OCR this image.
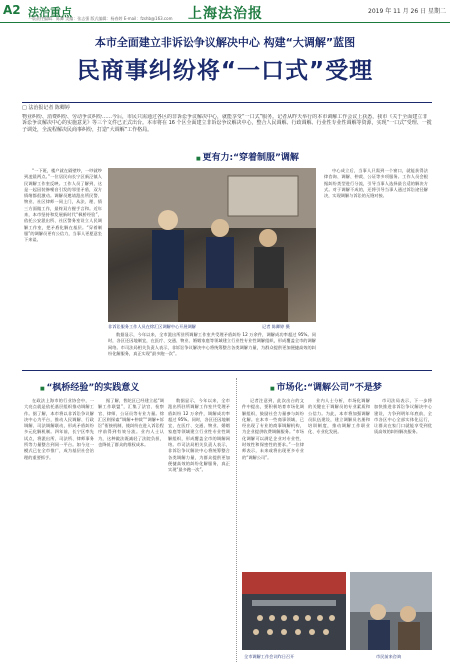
A2 法治重点
一版责任编辑：陈卿 美编：张志强 版式编辑：杨春婷 E-mail：fzshb@163.com 上海法治报	2019 年 11 月 26 日 星期二
本市全面建立非诉讼争议解决中心 构建“大调解”蓝图
民商事纠纷将“一口式”受理
□ 法治报记者 陈卿婷
物业纠纷、消费纠纷、劳动争议纠纷……今后，市民只需通过各区的非诉讼争议解决中心，就能享受“一口式”服务。记者从昨天举行的本市调解工作会议上获悉，我市《关于全面建立非诉讼争议解决中心的实施意见》等三个文件已正式出台。本市将在 16 个区全面建立非诉讼争议解决中心，整合人民调解、行政调解、行业性专业性调解等资源，实现“一口式”受理、一揽子调处，全流程解决民商事纠纷，打造“大调解”工作格局。
■ 更有力:“穿着制服”调解

“一下班，楼户就在隔壁吵，一吵就吵到凌晨两点。”一位居民向长宁区新泾镇人民调解工作室反映。工作人员了解到，这是一起因装修噪音引发的邻里矛盾，双方情绪都很激动。调解员邀请派出所民警、物业、社区律师一同上门，从法、理、情三方面做工作，最终双方握手言和。近年来，本市坚持和发展新时代“枫桥经验”，依托公安派出所、社区警务室设立人民调解工作室，把矛盾化解在基层。“穿着制服”的调解员更有公信力，当事人更愿意坐下来谈。

非诉讼服务工作人员在徐汇区调解中心开展调解	记者 陈卿婷 摄

数据显示，今年以来，全市派出所驻所调解工作室共受理矛盾纠纷 12 万余件，调解成功率超过 95%。同时，各区还因地制宜，在医疗、交通、物业、婚姻家庭等领域建立行业性专业性调解组织，形成覆盖全市的调解网络。市司法局相关负责人表示，非诉讼争议解决中心将统筹整合各类调解力量，为群众提供更加便捷高效的纠纷化解服务，真正实现“最多跑一次”。

中心成立后，当事人只需到一个窗口，就能获得法律咨询、调解、仲裁、公证等多项服务。工作人员会根据纠纷类型进行分流，引导当事人选择最合适的解决方式。对于调解不成的，还将引导当事人通过诉讼途径解决，实现调解与诉讼的无缝对接。

■ “枫桥经验”的实践意义

在政法上海市的行业协会中，一大亮点就是依托基层组织推动调解工作。据了解，本市将以非诉讼争议解决中心为平台，推动人民调解、行政调解、司法调解联动，形成矛盾纠纷多元化解机制。四年前，长宁区率先试点，将派出所、司法所、律师事务所等力量整合到同一平台。如今这一模式已在全市推广，成为基层社会治理的重要抓手。

据了解，普陀区已经建立起“调解工作联盟”，汇集了法官、检察官、律师、公证员等专业力量。徐汇区则探索“调解+仲裁”“调解+诉讼”衔接机制，使纠纷在进入诉讼程序前得到有效分流。业内人士认为，这种做法既减轻了法院负担，也降低了群众的维权成本。

数据显示，今年以来，全市派出所驻所调解工作室共受理矛盾纠纷 12 万余件，调解成功率超过 95%。同时，各区还因地制宜，在医疗、交通、物业、婚姻家庭等领域建立行业性专业性调解组织，形成覆盖全市的调解网络。市司法局相关负责人表示，非诉讼争议解决中心将统筹整合各类调解力量，为群众提供更加便捷高效的纠纷化解服务，真正实现“最多跑一次”。

■ 市场化:“调解公司”不是梦

记者注意到，此次出台的文件中提出，要积极培育市场化调解组织，鼓励社会力量参与纠纷化解。在本市一些商事领域，已经出现了专业的商事调解机构，为企业提供收费调解服务。“市场化调解可以满足企业对专业性、时效性和保密性的要求。”一位律师表示，未来或将出现更多专业的“调解公司”。

业内人士分析，市场化调解的关键在于调解员的专业素质和公信力。为此，本市将加强调解员队伍建设，建立调解员名册和培训制度，推动调解工作职业化、专业化发展。

市司法局表示，下一步将加快推进非诉讼争议解决中心建设，力争到明年年底前，全市各区中心全部实体化运行，让群众在家门口就能享受到优质高效的纠纷解决服务。

全市调解工作会议昨日召开	市民前来咨询
